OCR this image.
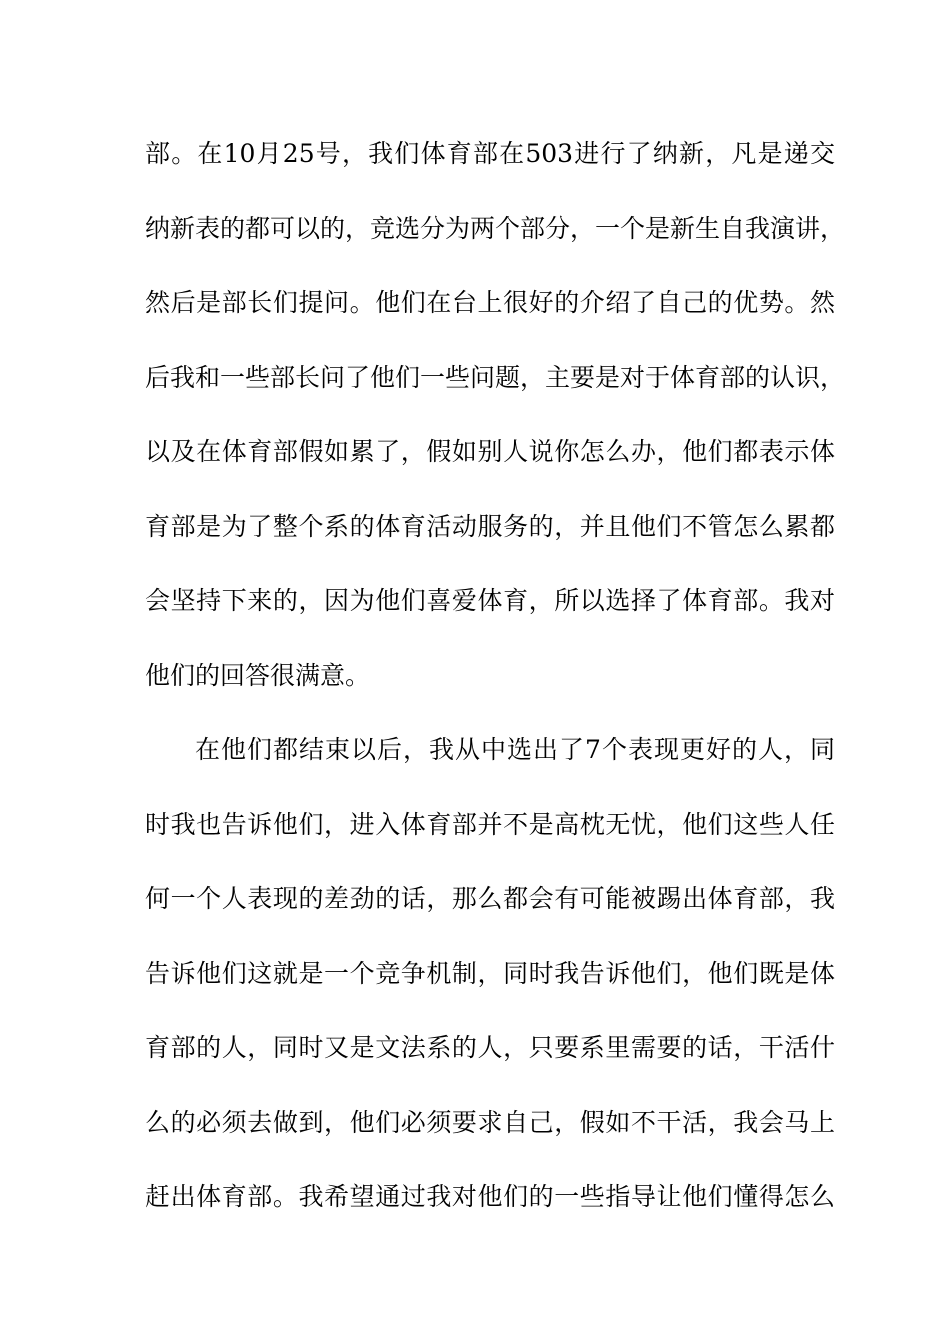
部。在10月25号，我们体育部在503进行了纳新，凡是递交
纳新表的都可以的，竞选分为两个部分，一个是新生自我演讲，
然后是部长们提问。他们在台上很好的介绍了自己的优势。然
后我和一些部长问了他们一些问题，主要是对于体育部的认识，
以及在体育部假如累了，假如别人说你怎么办，他们都表示体
育部是为了整个系的体育活动服务的，并且他们不管怎么累都
会坚持下来的，因为他们喜爱体育，所以选择了体育部。我对
他们的回答很满意。
在他们都结束以后，我从中选出了7个表现更好的人，同
时我也告诉他们，进入体育部并不是高枕无忧，他们这些人任
何一个人表现的差劲的话，那么都会有可能被踢出体育部，我
告诉他们这就是一个竞争机制，同时我告诉他们，他们既是体
育部的人，同时又是文法系的人，只要系里需要的话，干活什
么的必须去做到，他们必须要求自己，假如不干活，我会马上
赶出体育部。我希望通过我对他们的一些指导让他们懂得怎么
